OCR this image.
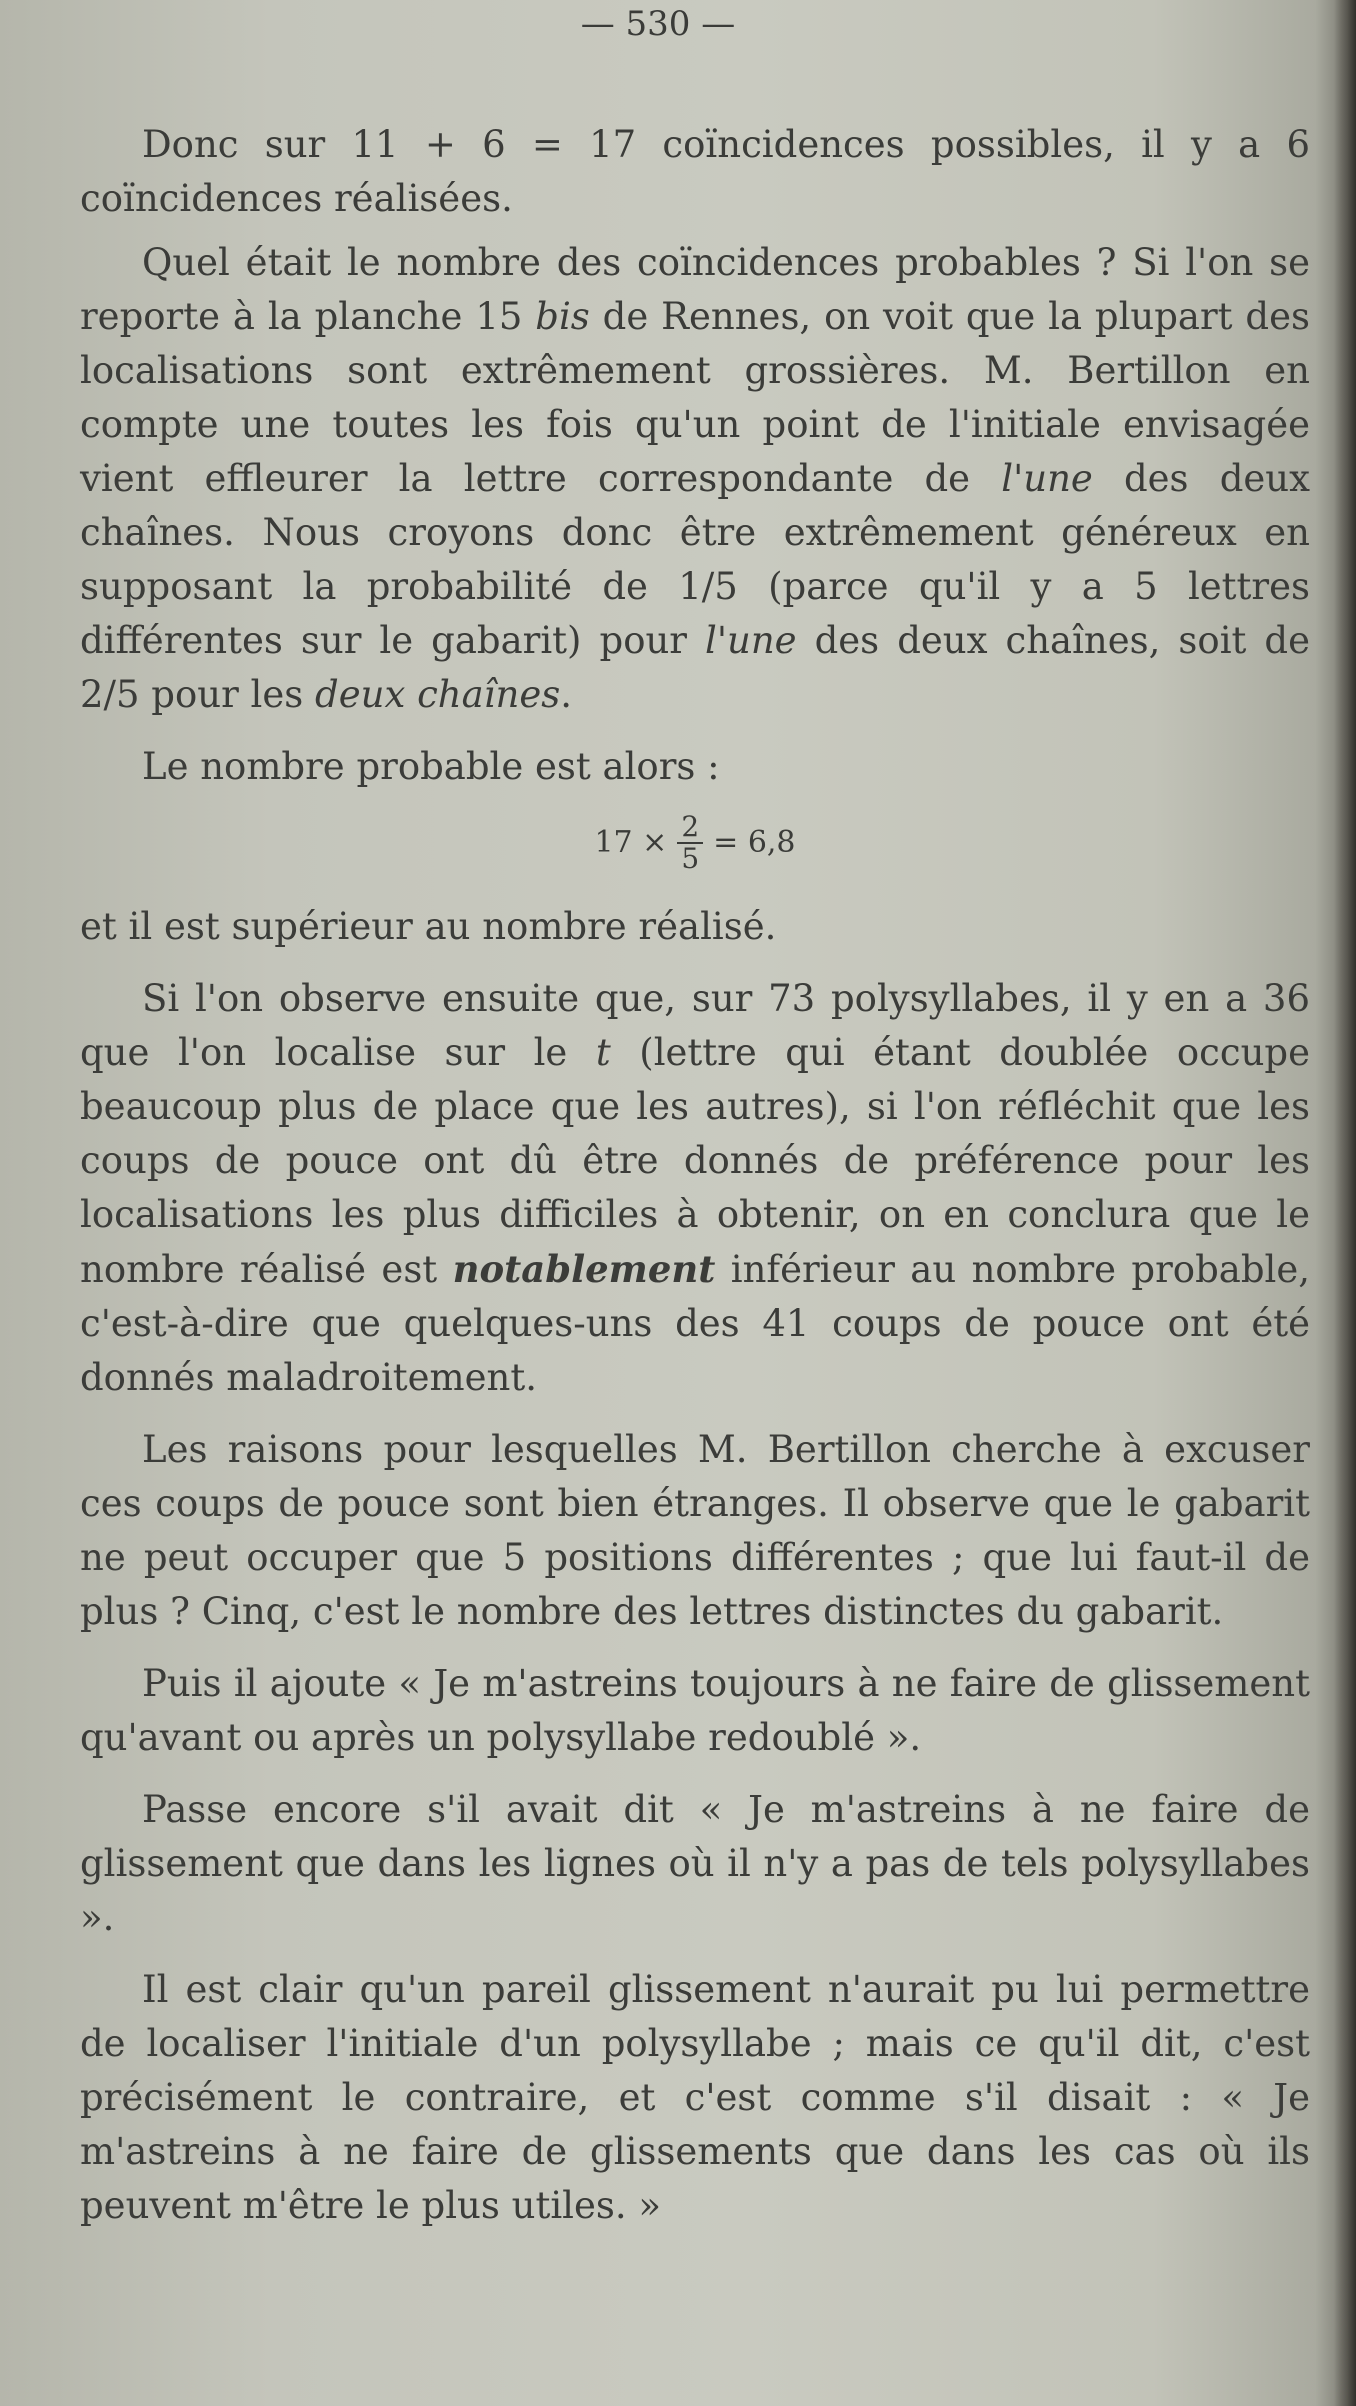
— 530 —

Donc sur 11 + 6 = 17 coïncidences possibles, il y a 6 coïncidences réalisées.

Quel était le nombre des coïncidences probables ? Si l'on se reporte à la planche 15 bis de Rennes, on voit que la plupart des localisations sont extrêmement grossières. M. Bertillon en compte une toutes les fois qu'un point de l'initiale envisagée vient effleurer la lettre correspondante de l'une des deux chaînes. Nous croyons donc être extrêmement généreux en supposant la probabilité de 1/5 (parce qu'il y a 5 lettres différentes sur le gabarit) pour l'une des deux chaînes, soit de 2/5 pour les deux chaînes.

Le nombre probable est alors :

$17 \times \frac{2}{5} = 6,8$

et il est supérieur au nombre réalisé.

Si l'on observe ensuite que, sur 73 polysyllabes, il y en a 36 que l'on localise sur le t (lettre qui étant doublée occupe beaucoup plus de place que les autres), si l'on réfléchit que les coups de pouce ont dû être donnés de préférence pour les localisations les plus difficiles à obtenir, on en conclura que le nombre réalisé est notablement inférieur au nombre probable, c'est-à-dire que quelques-uns des 41 coups de pouce ont été donnés maladroitement.

Les raisons pour lesquelles M. Bertillon cherche à excuser ces coups de pouce sont bien étranges. Il observe que le gabarit ne peut occuper que 5 positions différentes ; que lui faut-il de plus ? Cinq, c'est le nombre des lettres distinctes du gabarit.

Puis il ajoute « Je m'astreins toujours à ne faire de glissement qu'avant ou après un polysyllabe redoublé ».

Passe encore s'il avait dit « Je m'astreins à ne faire de glissement que dans les lignes où il n'y a pas de tels polysyllabes ».

Il est clair qu'un pareil glissement n'aurait pu lui permettre de localiser l'initiale d'un polysyllabe ; mais ce qu'il dit, c'est précisément le contraire, et c'est comme s'il disait : « Je m'astreins à ne faire de glissements que dans les cas où ils peuvent m'être le plus utiles. »
